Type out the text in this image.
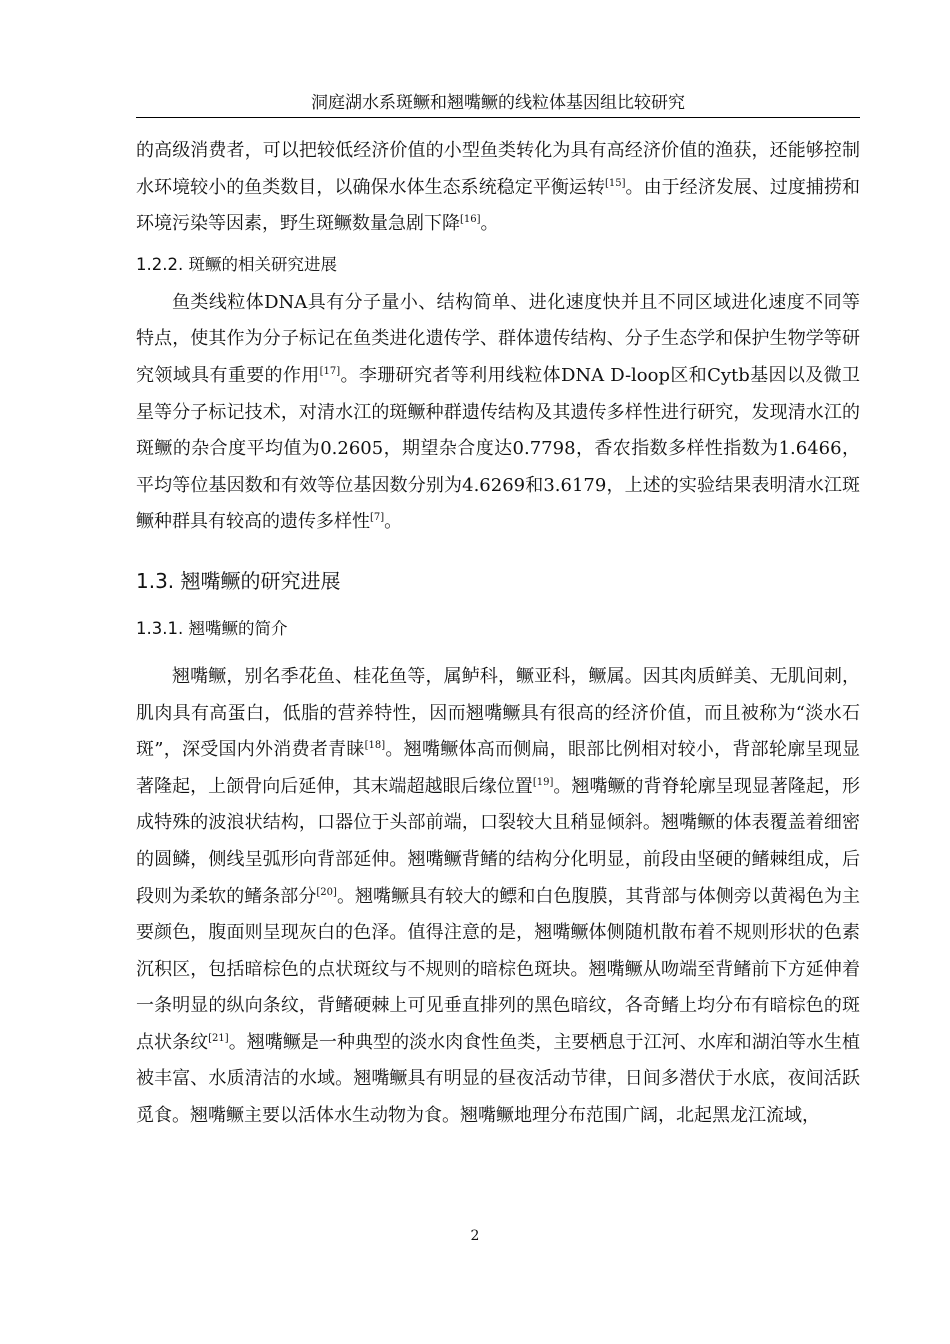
洞庭湖水系斑鳜和翘嘴鳜的线粒体基因组比较研究

的高级消费者，可以把较低经济价值的小型鱼类转化为具有高经济价值的渔获，还能够控制水环境较小的鱼类数目，以确保水体生态系统稳定平衡运转[15]。由于经济发展、过度捕捞和环境污染等因素，野生斑鳜数量急剧下降[16]。

1.2.2. 斑鳜的相关研究进展

鱼类线粒体DNA具有分子量小、结构简单、进化速度快并且不同区域进化速度不同等特点，使其作为分子标记在鱼类进化遗传学、群体遗传结构、分子生态学和保护生物学等研究领域具有重要的作用[17]。李珊研究者等利用线粒体DNA D-loop区和Cytb基因以及微卫星等分子标记技术，对清水江的斑鳜种群遗传结构及其遗传多样性进行研究，发现清水江的斑鳜的杂合度平均值为0.2605，期望杂合度达0.7798，香农指数多样性指数为1.6466，平均等位基因数和有效等位基因数分别为4.6269和3.6179，上述的实验结果表明清水江斑鳜种群具有较高的遗传多样性[7]。

1.3. 翘嘴鳜的研究进展
1.3.1. 翘嘴鳜的简介

翘嘴鳜，别名季花鱼、桂花鱼等，属鲈科，鳜亚科，鳜属。因其肉质鲜美、无肌间刺，肌肉具有高蛋白，低脂的营养特性，因而翘嘴鳜具有很高的经济价值，而且被称为“淡水石斑”，深受国内外消费者青睐[18]。翘嘴鳜体高而侧扁，眼部比例相对较小，背部轮廓呈现显著隆起，上颌骨向后延伸，其末端超越眼后缘位置[19]。翘嘴鳜的背脊轮廓呈现显著隆起，形成特殊的波浪状结构，口器位于头部前端，口裂较大且稍显倾斜。翘嘴鳜的体表覆盖着细密的圆鳞，侧线呈弧形向背部延伸。翘嘴鳜背鳍的结构分化明显，前段由坚硬的鳍棘组成，后段则为柔软的鳍条部分[20]。翘嘴鳜具有较大的鳔和白色腹膜，其背部与体侧旁以黄褐色为主要颜色，腹面则呈现灰白的色泽。值得注意的是，翘嘴鳜体侧随机散布着不规则形状的色素沉积区，包括暗棕色的点状斑纹与不规则的暗棕色斑块。翘嘴鳜从吻端至背鳍前下方延伸着一条明显的纵向条纹，背鳍硬棘上可见垂直排列的黑色暗纹，各奇鳍上均分布有暗棕色的斑点状条纹[21]。翘嘴鳜是一种典型的淡水肉食性鱼类，主要栖息于江河、水库和湖泊等水生植被丰富、水质清洁的水域。翘嘴鳜具有明显的昼夜活动节律，日间多潜伏于水底，夜间活跃觅食。翘嘴鳜主要以活体水生动物为食。翘嘴鳜地理分布范围广阔，北起黑龙江流域，

2
